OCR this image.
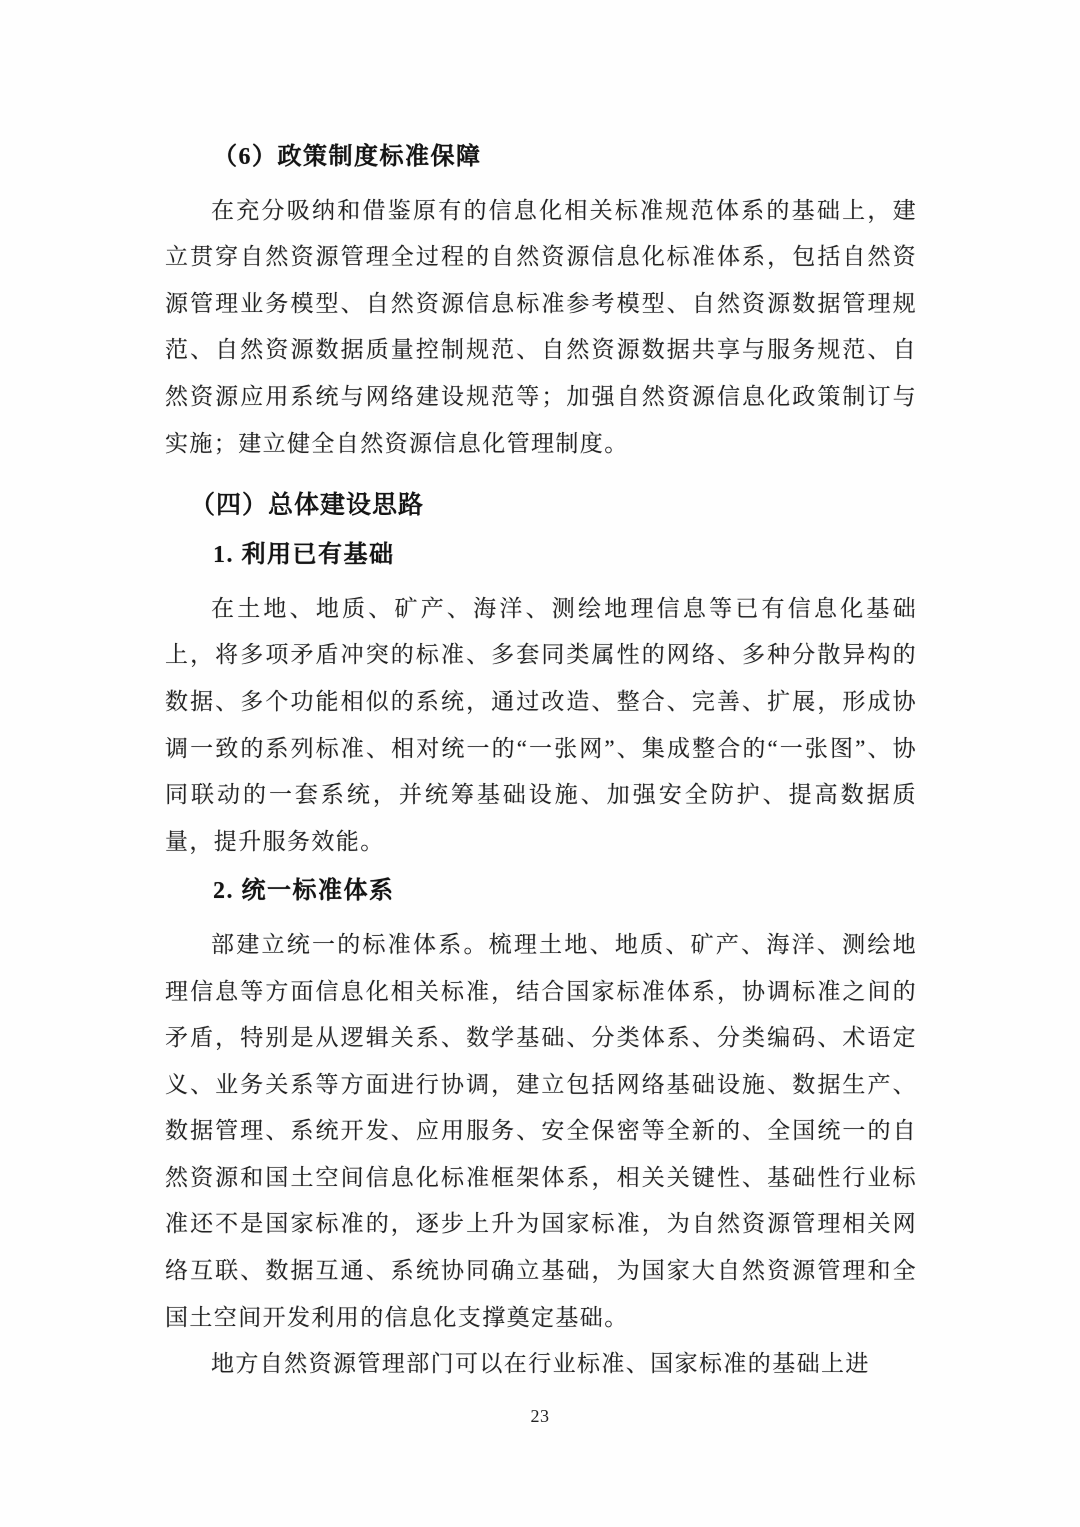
（6）政策制度标准保障

在充分吸纳和借鉴原有的信息化相关标准规范体系的基础上，建立贯穿自然资源管理全过程的自然资源信息化标准体系，包括自然资源管理业务模型、自然资源信息标准参考模型、自然资源数据管理规范、自然资源数据质量控制规范、自然资源数据共享与服务规范、自然资源应用系统与网络建设规范等；加强自然资源信息化政策制订与实施；建立健全自然资源信息化管理制度。

（四）总体建设思路
1. 利用已有基础

在土地、地质、矿产、海洋、测绘地理信息等已有信息化基础上，将多项矛盾冲突的标准、多套同类属性的网络、多种分散异构的数据、多个功能相似的系统，通过改造、整合、完善、扩展，形成协调一致的系列标准、相对统一的“一张网”、集成整合的“一张图”、协同联动的一套系统，并统筹基础设施、加强安全防护、提高数据质量，提升服务效能。

2. 统一标准体系

部建立统一的标准体系。梳理土地、地质、矿产、海洋、测绘地理信息等方面信息化相关标准，结合国家标准体系，协调标准之间的矛盾，特别是从逻辑关系、数学基础、分类体系、分类编码、术语定义、业务关系等方面进行协调，建立包括网络基础设施、数据生产、数据管理、系统开发、应用服务、安全保密等全新的、全国统一的自然资源和国土空间信息化标准框架体系，相关关键性、基础性行业标准还不是国家标准的，逐步上升为国家标准，为自然资源管理相关网络互联、数据互通、系统协同确立基础，为国家大自然资源管理和全国土空间开发利用的信息化支撑奠定基础。

地方自然资源管理部门可以在行业标准、国家标准的基础上进

23
